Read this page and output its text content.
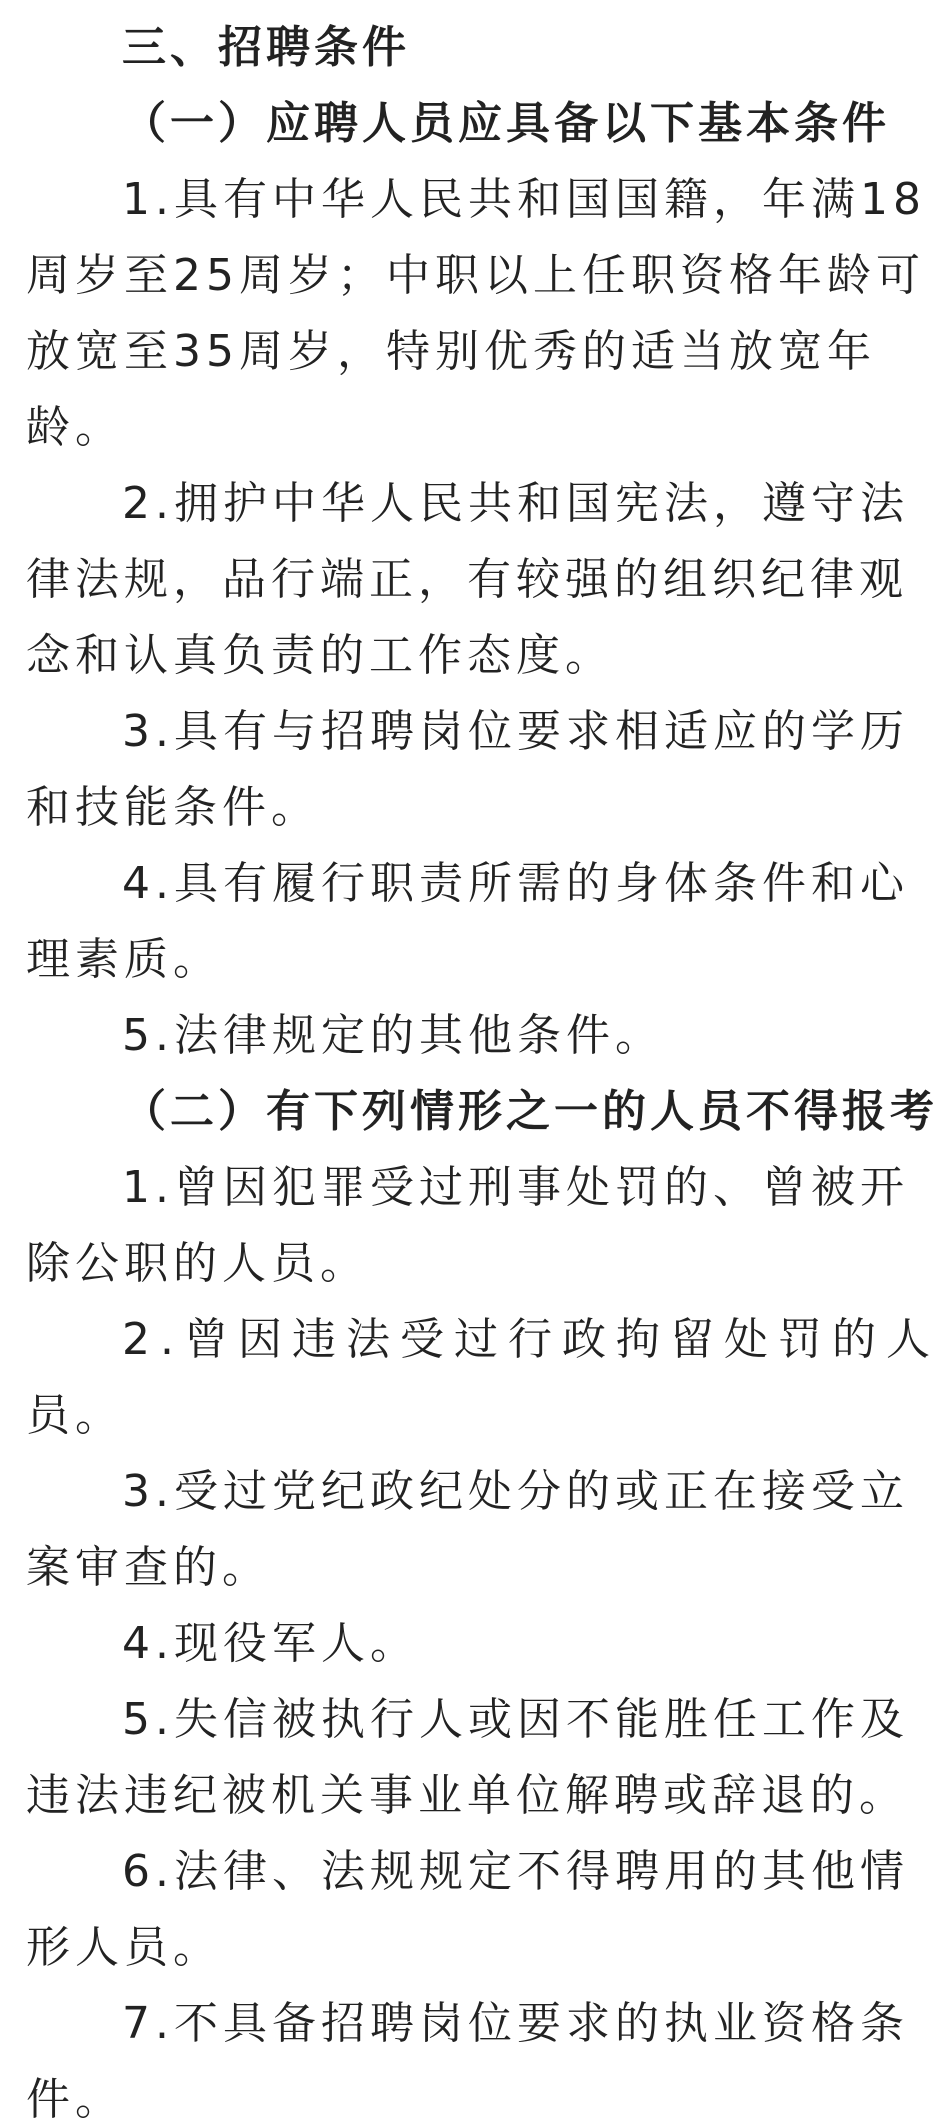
三、招聘条件
（一）应聘人员应具备以下基本条件
1.具有中华人民共和国国籍，年满18
周岁至25周岁；中职以上任职资格年龄可
放宽至35周岁，特别优秀的适当放宽年
龄。
2.拥护中华人民共和国宪法，遵守法
律法规，品行端正，有较强的组织纪律观
念和认真负责的工作态度。
3.具有与招聘岗位要求相适应的学历
和技能条件。
4.具有履行职责所需的身体条件和心
理素质。
5.法律规定的其他条件。
（二）有下列情形之一的人员不得报考
1.曾因犯罪受过刑事处罚的、曾被开
除公职的人员。
2.曾因违法受过行政拘留处罚的人
员。
3.受过党纪政纪处分的或正在接受立
案审查的。
4.现役军人。
5.失信被执行人或因不能胜任工作及
违法违纪被机关事业单位解聘或辞退的。
6.法律、法规规定不得聘用的其他情
形人员。
7.不具备招聘岗位要求的执业资格条
件。
